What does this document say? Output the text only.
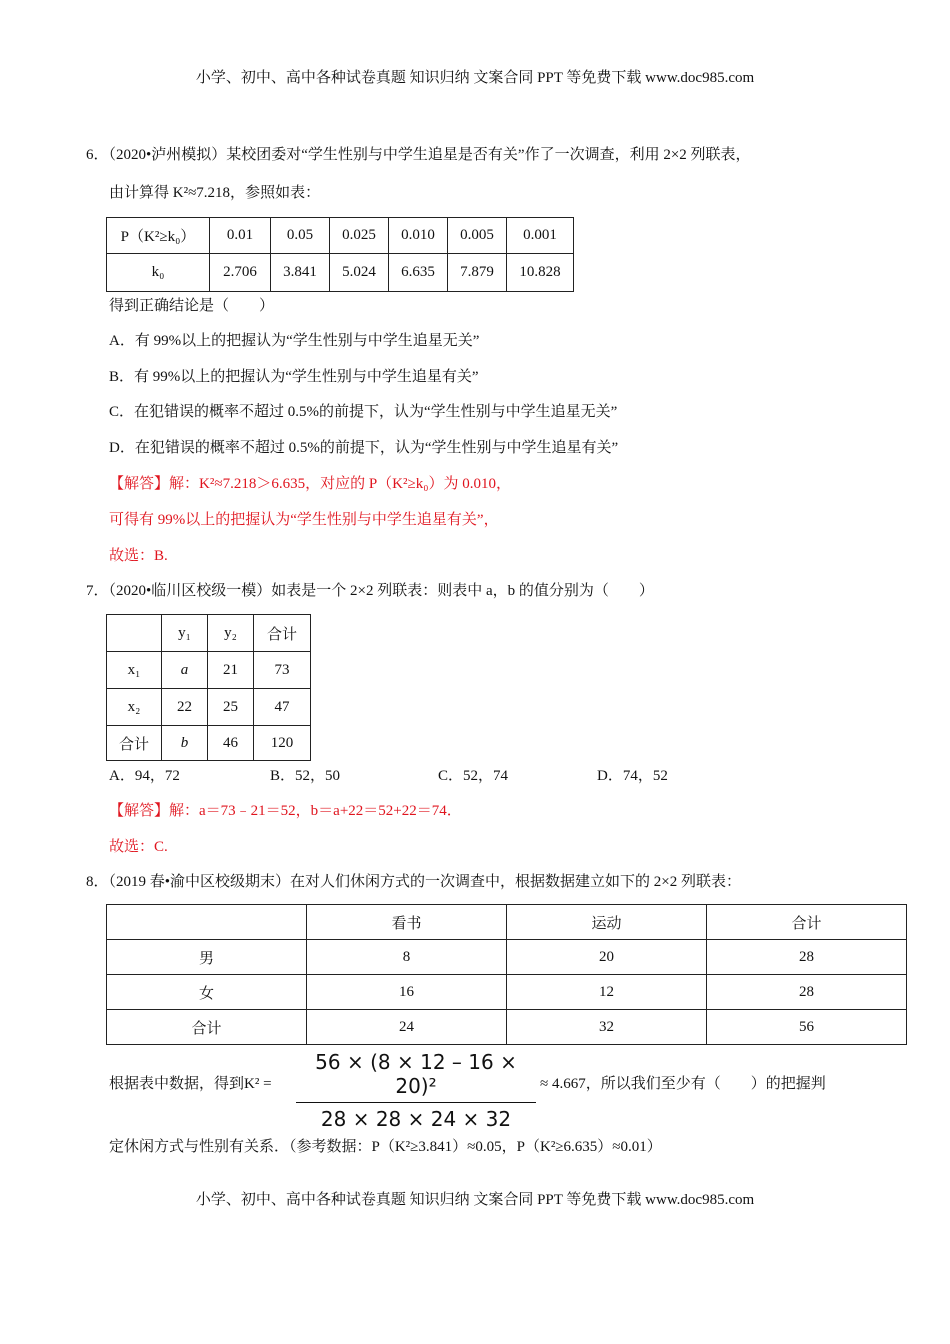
小学、初中、高中各种试卷真题 知识归纳 文案合同 PPT 等免费下载 www.doc985.com
6．（2020•泸州模拟）某校团委对“学生性别与中学生追星是否有关”作了一次调查，利用 2×2 列联表，
由计算得 K²≈7.218，参照如表：
P（K²≥k₀）	0.01	0.05	0.025	0.010	0.005	0.001
k₀	2.706	3.841	5.024	6.635	7.879	10.828
得到正确结论是（　　）
A．有 99%以上的把握认为“学生性别与中学生追星无关”
B．有 99%以上的把握认为“学生性别与中学生追星有关”
C．在犯错误的概率不超过 0.5%的前提下，认为“学生性别与中学生追星无关”
D．在犯错误的概率不超过 0.5%的前提下，认为“学生性别与中学生追星有关”
【解答】解：K²≈7.218＞6.635，对应的 P（K²≥k₀）为 0.010，
可得有 99%以上的把握认为“学生性别与中学生追星有关”，
故选：B.
7．（2020•临川区校级一模）如表是一个 2×2 列联表：则表中 a，b 的值分别为（　　）
	y₁	y₂	合计
x₁	a	21	73
x₂	22	25	47
合计	b	46	120
A．94，72	B．52，50	C．52，74	D．74，52
【解答】解：a＝73﹣21＝52，b＝a+22＝52+22＝74．
故选：C.
8．（2019 春•渝中区校级期末）在对人们休闲方式的一次调查中，根据数据建立如下的 2×2 列联表：
	看书	运动	合计
男	8	20	28
女	16	12	28
合计	24	32	56
根据表中数据，得到$K^2 = \frac{\text{56 × (8 × 12 – 16 × 20)²}}{28 \times 28 \times 24 \times 32} \approx 4.667$，所以我们至少有（　　）的把握判
定休闲方式与性别有关系．（参考数据：P（K²≥3.841）≈0.05，P（K²≥6.635）≈0.01）
小学、初中、高中各种试卷真题 知识归纳 文案合同 PPT 等免费下载 www.doc985.com
